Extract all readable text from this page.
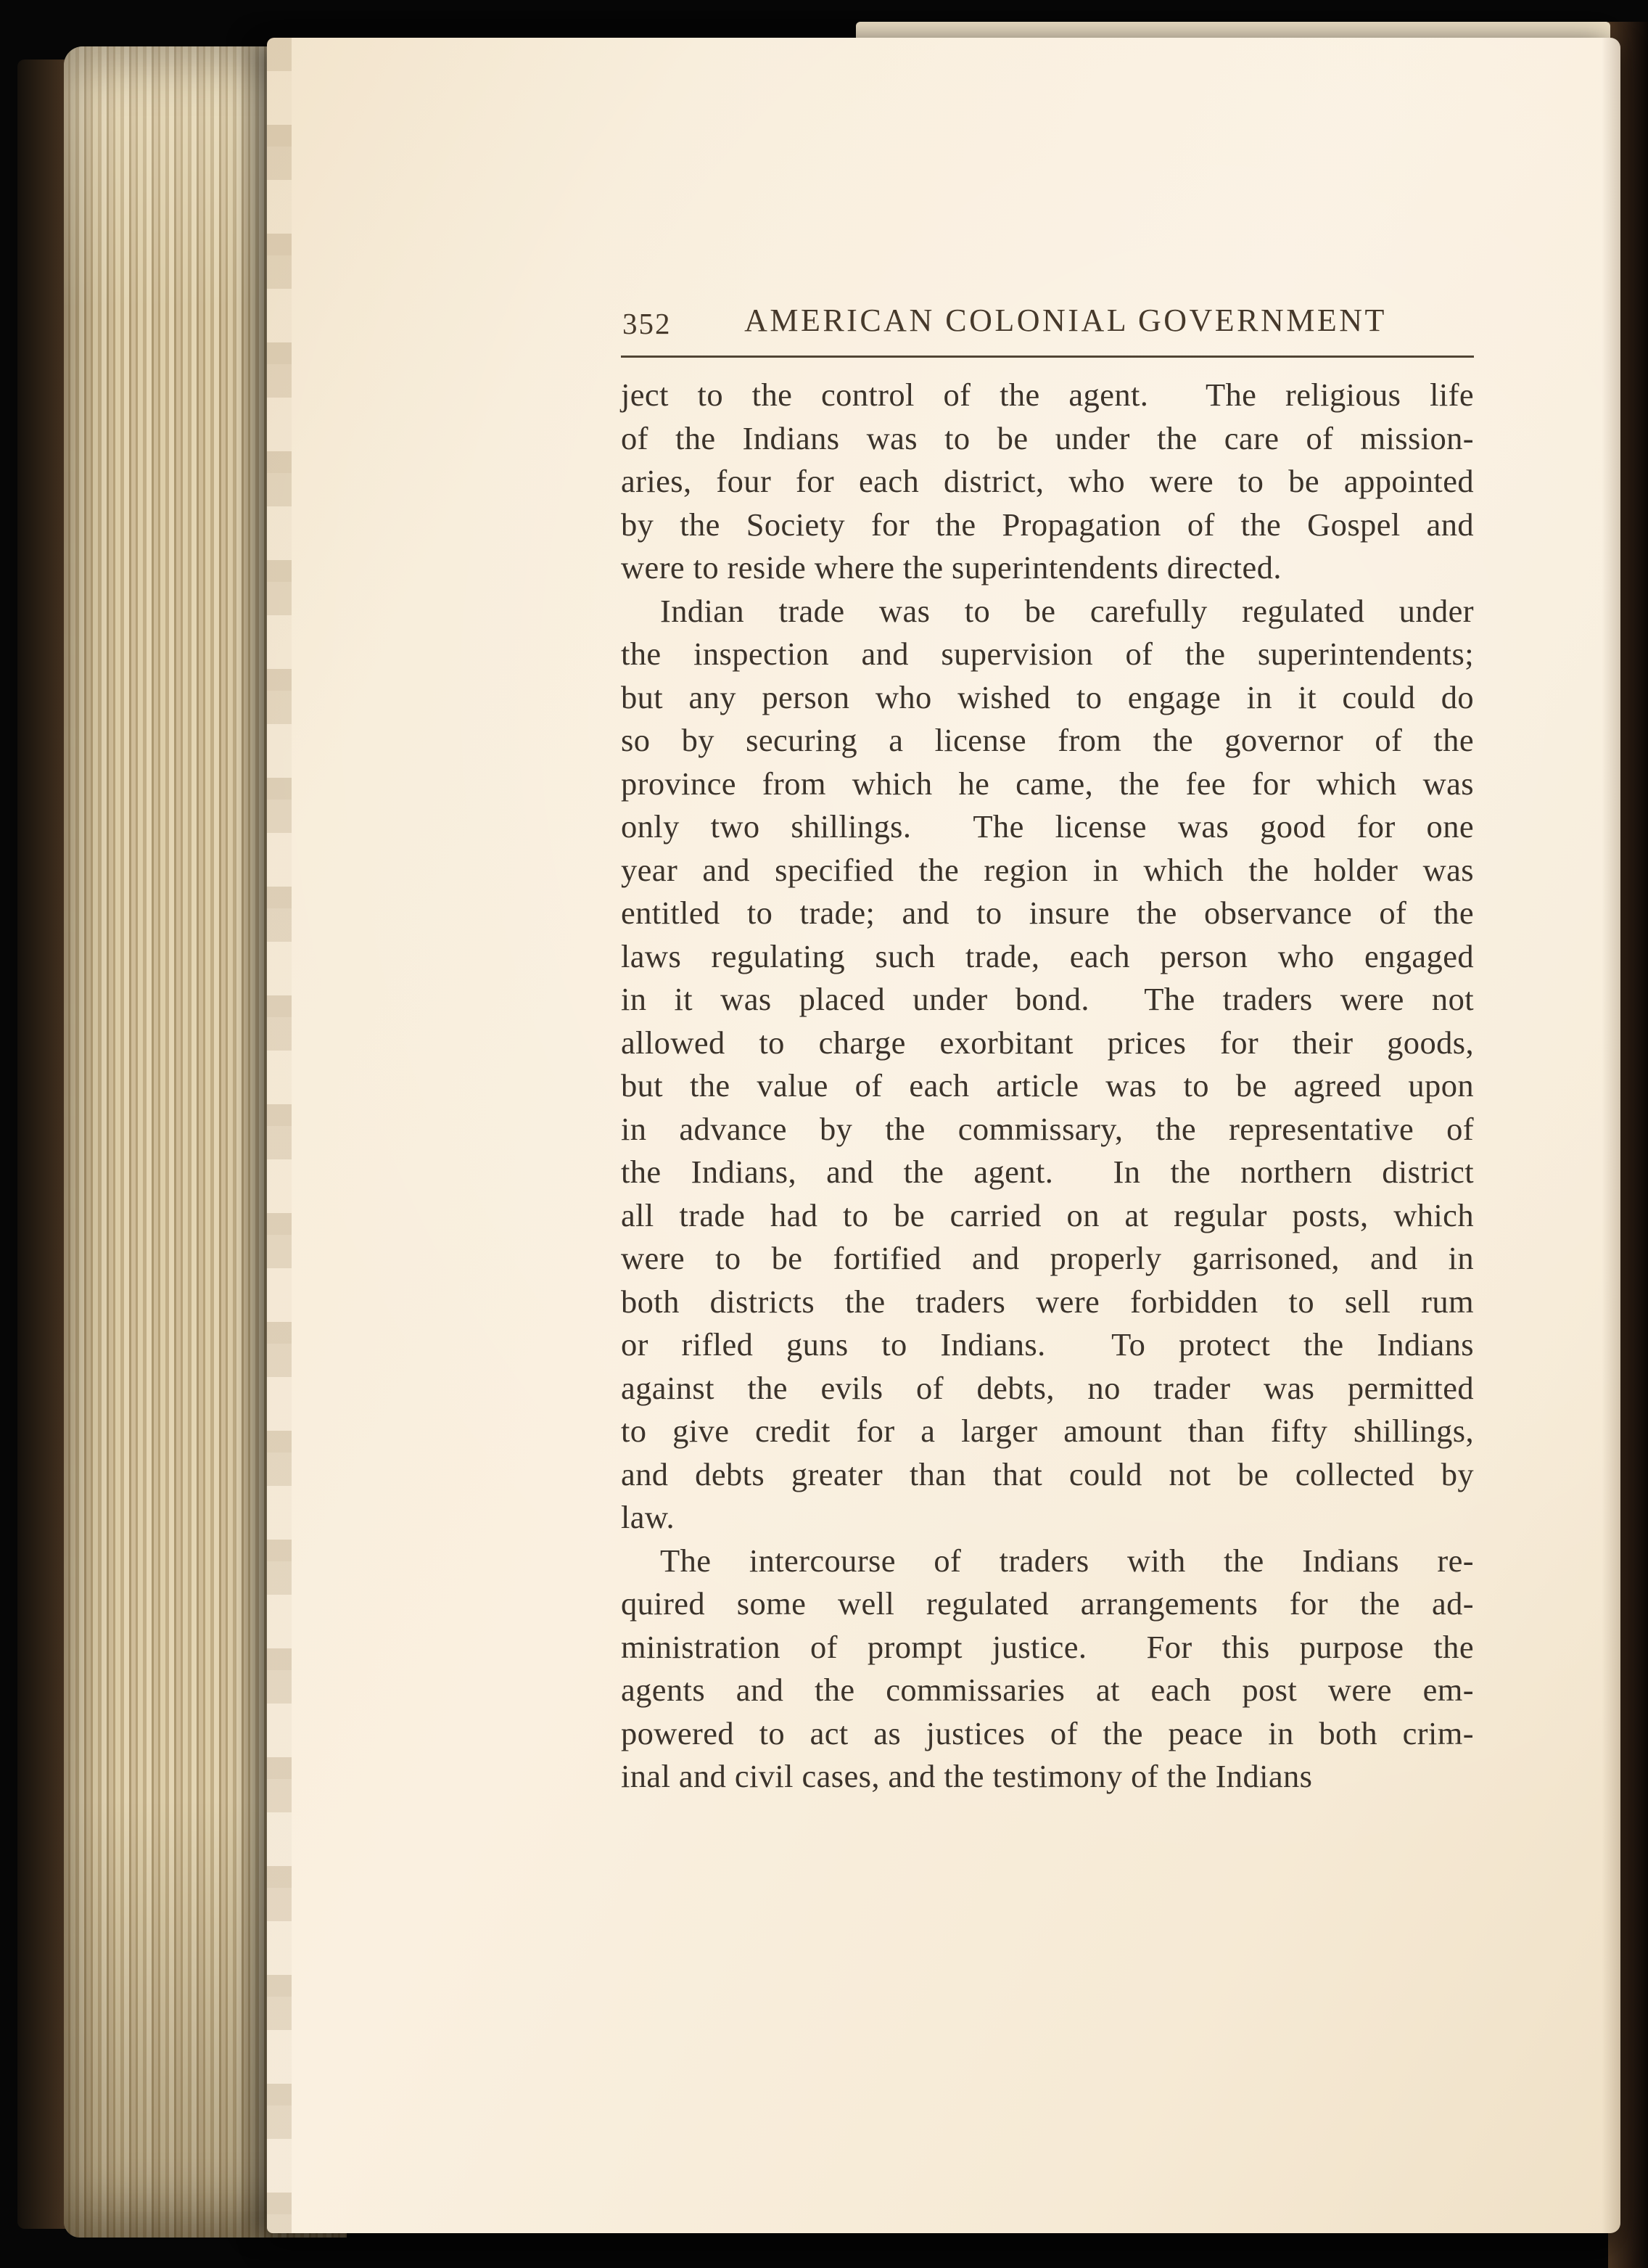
352	AMERICAN COLONIAL GOVERNMENT
ject to the control of the agent.  The religious life
of the Indians was to be under the care of mission-
aries, four for each district, who were to be appointed
by the Society for the Propagation of the Gospel and
were to reside where the superintendents directed.
Indian trade was to be carefully regulated under
the inspection and supervision of the superintendents;
but any person who wished to engage in it could do
so by securing a license from the governor of the
province from which he came, the fee for which was
only two shillings.  The license was good for one
year and specified the region in which the holder was
entitled to trade; and to insure the observance of the
laws regulating such trade, each person who engaged
in it was placed under bond.  The traders were not
allowed to charge exorbitant prices for their goods,
but the value of each article was to be agreed upon
in advance by the commissary, the representative of
the Indians, and the agent.  In the northern district
all trade had to be carried on at regular posts, which
were to be fortified and properly garrisoned, and in
both districts the traders were forbidden to sell rum
or rifled guns to Indians.  To protect the Indians
against the evils of debts, no trader was permitted
to give credit for a larger amount than fifty shillings,
and debts greater than that could not be collected by
law.
The intercourse of traders with the Indians re-
quired some well regulated arrangements for the ad-
ministration of prompt justice.  For this purpose the
agents and the commissaries at each post were em-
powered to act as justices of the peace in both crim-
inal and civil cases, and the testimony of the Indians
